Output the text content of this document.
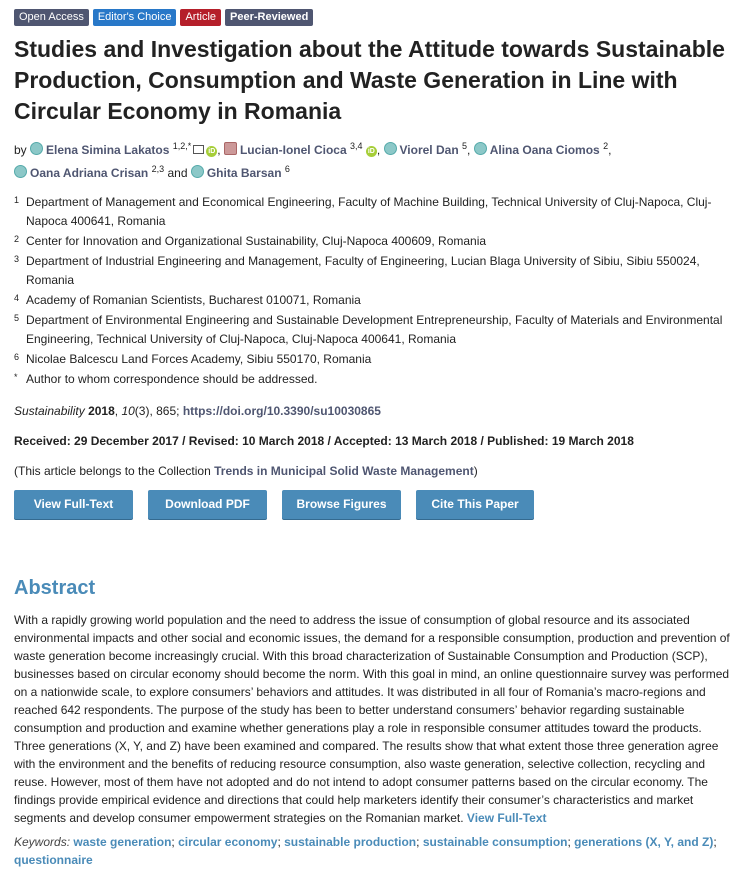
Open Access	Editor's Choice	Article	Peer-Reviewed
Studies and Investigation about the Attitude towards Sustainable Production, Consumption and Waste Generation in Line with Circular Economy in Romania
by Elena Simina Lakatos $^{1,2,*}$iD , Lucian-Ionel Cioca $^{3,4}$ iD , Viorel Dan $^5$, Alina Oana Ciomos $^2$,
Oana Adriana Crisan $^{2,3}$ and Ghita Barsan $^6$
1 Department of Management and Economical Engineering, Faculty of Machine Building, Technical University of Cluj-Napoca, Cluj-Napoca 400641, Romania
2 Center for Innovation and Organizational Sustainability, Cluj-Napoca 400609, Romania
3 Department of Industrial Engineering and Management, Faculty of Engineering, Lucian Blaga University of Sibiu, Sibiu 550024, Romania
4 Academy of Romanian Scientists, Bucharest 010071, Romania
5 Department of Environmental Engineering and Sustainable Development Entrepreneurship, Faculty of Materials and Environmental Engineering, Technical University of Cluj-Napoca, Cluj-Napoca 400641, Romania
6 Nicolae Balcescu Land Forces Academy, Sibiu 550170, Romania
* Author to whom correspondence should be addressed.
Sustainability 2018, 10(3), 865; https://doi.org/10.3390/su10030865
Received: 29 December 2017 / Revised: 10 March 2018 / Accepted: 13 March 2018 / Published: 19 March 2018
(This article belongs to the Collection Trends in Municipal Solid Waste Management)
View Full-Text	Download PDF	Browse Figures	Cite This Paper
Abstract
With a rapidly growing world population and the need to address the issue of consumption of global resource and its associated environmental impacts and other social and economic issues, the demand for a responsible consumption, production and prevention of waste generation become increasingly crucial. With this broad characterization of Sustainable Consumption and Production (SCP), businesses based on circular economy should become the norm. With this goal in mind, an online questionnaire survey was performed on a nationwide scale, to explore consumers’ behaviors and attitudes. It was distributed in all four of Romania’s macro-regions and reached 642 respondents. The purpose of the study has been to better understand consumers’ behavior regarding sustainable consumption and production and examine whether generations play a role in responsible consumer attitudes toward the products. Three generations (X, Y, and Z) have been examined and compared. The results show that what extent those three generation agree with the environment and the benefits of reducing resource consumption, also waste generation, selective collection, recycling and reuse. However, most of them have not adopted and do not intend to adopt consumer patterns based on the circular economy. The findings provide empirical evidence and directions that could help marketers identify their consumer’s characteristics and market segments and develop consumer empowerment strategies on the Romanian market. View Full-Text
Keywords: waste generation; circular economy; sustainable production; sustainable consumption; generations (X, Y, and Z); questionnaire
